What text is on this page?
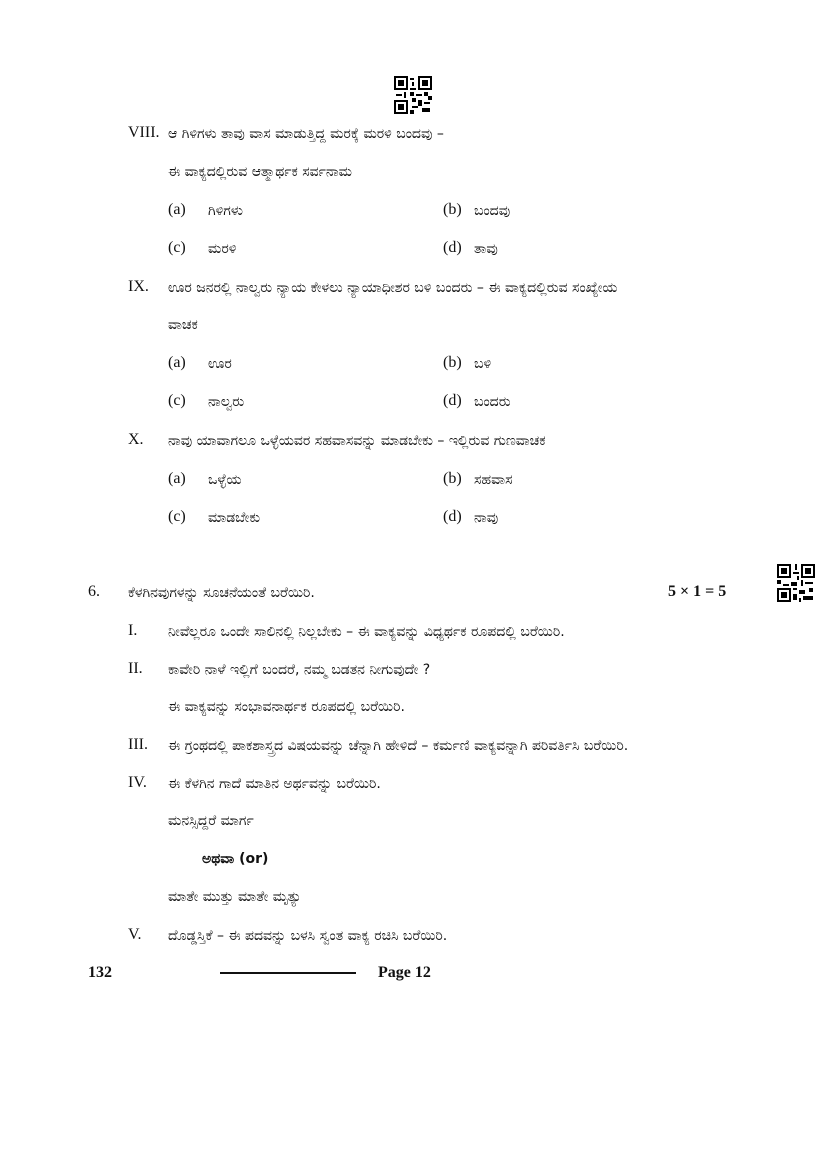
VIII. ಆ ಗಿಳಿಗಳು ತಾವು ವಾಸ ಮಾಡುತ್ತಿದ್ದ ಮರಕ್ಕೆ ಮರಳಿ ಬಂದವು –
ಈ ವಾಕ್ಯದಲ್ಲಿರುವ ಆತ್ಮಾರ್ಥಕ ಸರ್ವನಾಮ
(a) ಗಿಳಿಗಳು	(b) ಬಂದವು
(c) ಮರಳಿ	(d) ತಾವು
IX. ಊರ ಜನರಲ್ಲಿ ನಾಲ್ವರು ನ್ಯಾಯ ಕೇಳಲು ನ್ಯಾಯಾಧೀಶರ ಬಳಿ ಬಂದರು – ಈ ವಾಕ್ಯದಲ್ಲಿರುವ ಸಂಖ್ಯೇಯ
ವಾಚಕ
(a) ಊರ	(b) ಬಳಿ
(c) ನಾಲ್ವರು	(d) ಬಂದರು
X. ನಾವು ಯಾವಾಗಲೂ ಒಳ್ಳೆಯವರ ಸಹವಾಸವನ್ನು ಮಾಡಬೇಕು – ಇಲ್ಲಿರುವ ಗುಣವಾಚಕ
(a) ಒಳ್ಳೆಯ	(b) ಸಹವಾಸ
(c) ಮಾಡಬೇಕು	(d) ನಾವು
6. ಕೆಳಗಿನವುಗಳನ್ನು ಸೂಚನೆಯಂತೆ ಬರೆಯಿರಿ.	5 × 1 = 5
I. ನೀವೆಲ್ಲರೂ ಒಂದೇ ಸಾಲಿನಲ್ಲಿ ನಿಲ್ಲಬೇಕು – ಈ ವಾಕ್ಯವನ್ನು ವಿಧ್ಯರ್ಥಕ ರೂಪದಲ್ಲಿ ಬರೆಯಿರಿ.
II. ಕಾವೇರಿ ನಾಳೆ ಇಲ್ಲಿಗೆ ಬಂದರೆ, ನಮ್ಮ ಬಡತನ ನೀಗುವುದೇ ?
ಈ ವಾಕ್ಯವನ್ನು ಸಂಭಾವನಾರ್ಥಕ ರೂಪದಲ್ಲಿ ಬರೆಯಿರಿ.
III. ಈ ಗ್ರಂಥದಲ್ಲಿ ಪಾಕಶಾಸ್ತ್ರದ ವಿಷಯವನ್ನು ಚೆನ್ನಾಗಿ ಹೇಳಿದೆ – ಕರ್ಮಣಿ ವಾಕ್ಯವನ್ನಾಗಿ ಪರಿವರ್ತಿಸಿ ಬರೆಯಿರಿ.
IV. ಈ ಕೆಳಗಿನ ಗಾದೆ ಮಾತಿನ ಅರ್ಥವನ್ನು ಬರೆಯಿರಿ.
ಮನಸ್ಸಿದ್ದರೆ ಮಾರ್ಗ
ಅಥವಾ (or)
ಮಾತೇ ಮುತ್ತು ಮಾತೇ ಮೃತ್ಯು
V. ದೊಡ್ಡಸ್ತಿಕೆ – ಈ ಪದವನ್ನು ಬಳಸಿ ಸ್ವಂತ ವಾಕ್ಯ ರಚಿಸಿ ಬರೆಯಿರಿ.
132	Page 12
